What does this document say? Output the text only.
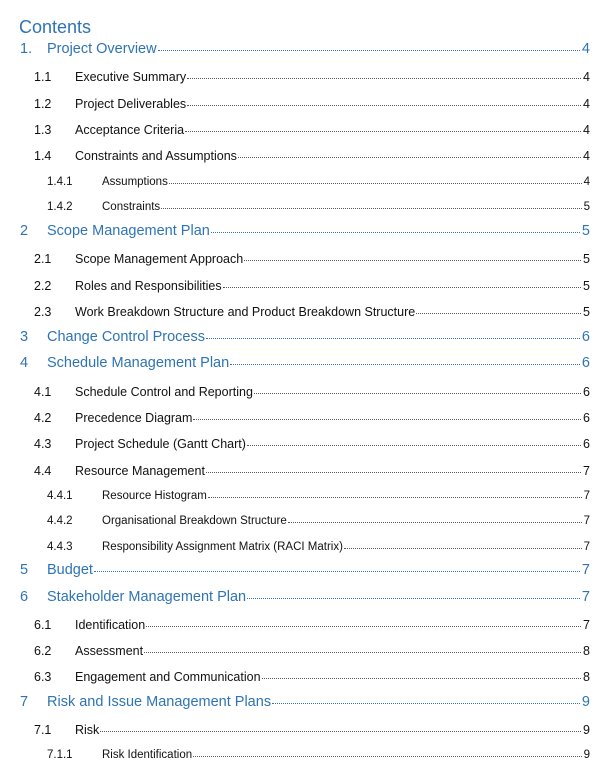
Contents
1. Project Overview	4
1.1 Executive Summary	4
1.2 Project Deliverables	4
1.3 Acceptance Criteria	4
1.4 Constraints and Assumptions	4
1.4.1	Assumptions	4
1.4.2	Constraints	5
2 Scope Management Plan	5
2.1 Scope Management Approach	5
2.2 Roles and Responsibilities	5
2.3 Work Breakdown Structure and Product Breakdown Structure	5
3 Change Control Process	6
4 Schedule Management Plan	6
4.1 Schedule Control and Reporting	6
4.2 Precedence Diagram	6
4.3 Project Schedule (Gantt Chart)	6
4.4 Resource Management	7
4.4.1	Resource Histogram	7
4.4.2	Organisational Breakdown Structure	7
4.4.3	Responsibility Assignment Matrix (RACI Matrix)	7
5 Budget	7
6 Stakeholder Management Plan	7
6.1 Identification	7
6.2 Assessment	8
6.3 Engagement and Communication	8
7 Risk and Issue Management Plans	9
7.1 Risk	9
7.1.1	Risk Identification	9
